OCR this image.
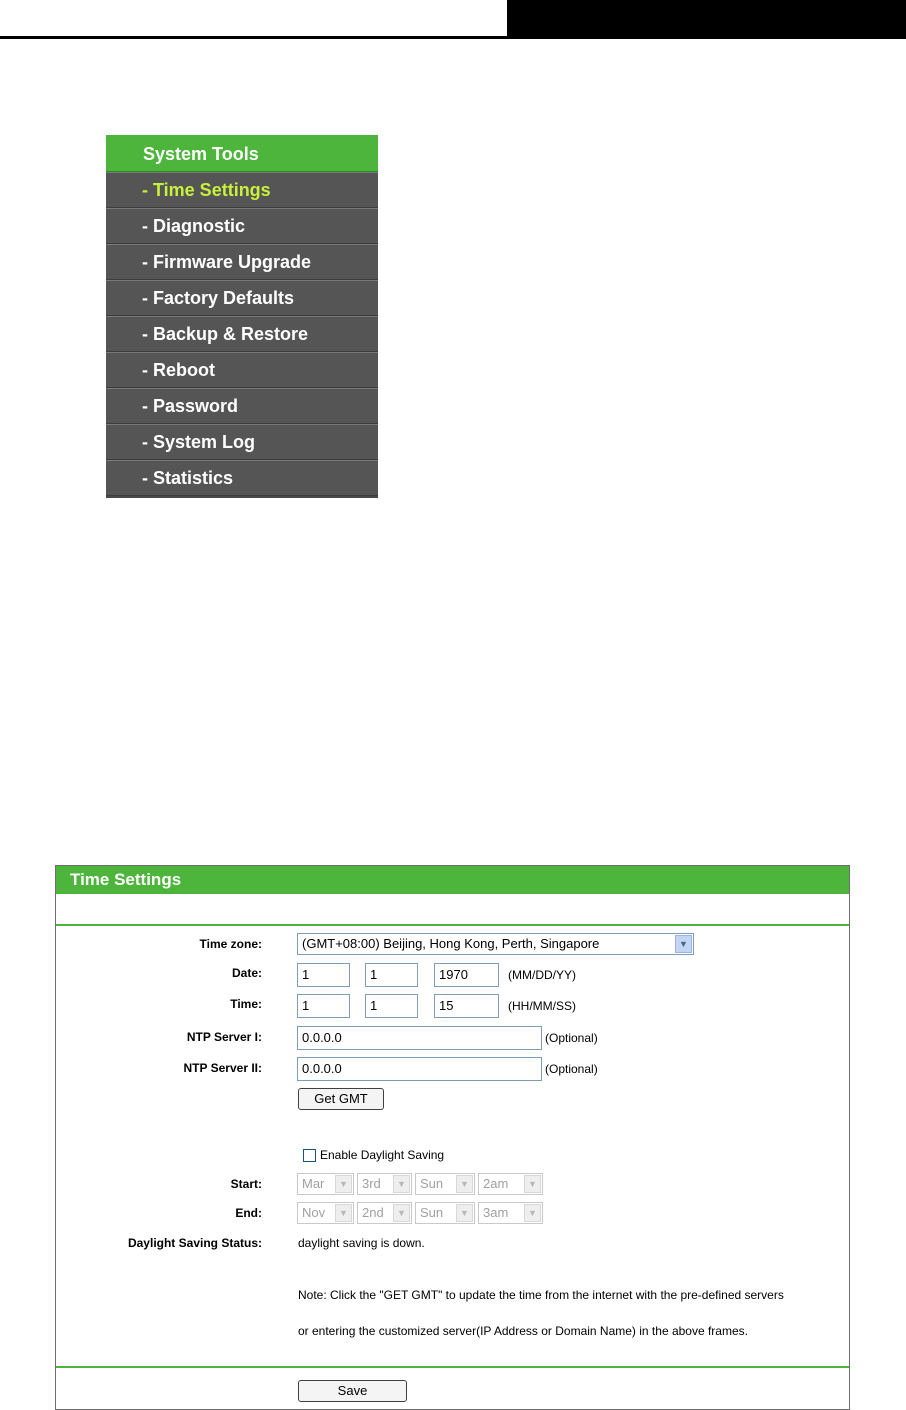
System Tools
- Time Settings
- Diagnostic
- Firmware Upgrade
- Factory Defaults
- Backup & Restore
- Reboot
- Password
- System Log
- Statistics
Time Settings
Time zone:	(GMT+08:00) Beijing, Hong Kong, Perth, Singapore	▼
Date:	1	1	1970	(MM/DD/YY)
Time:	1	1	15	(HH/MM/SS)
NTP Server I:	0.0.0.0	(Optional)
NTP Server II:	0.0.0.0	(Optional)
Get GMT
Enable Daylight Saving
Start:	Mar	▼	3rd	▼	Sun	▼	2am	▼
End:	Nov	▼	2nd	▼	Sun	▼	3am	▼
Daylight Saving Status:	daylight saving is down.
Note: Click the "GET GMT" to update the time from the internet with the pre-defined servers
or entering the customized server(IP Address or Domain Name) in the above frames.
Save
